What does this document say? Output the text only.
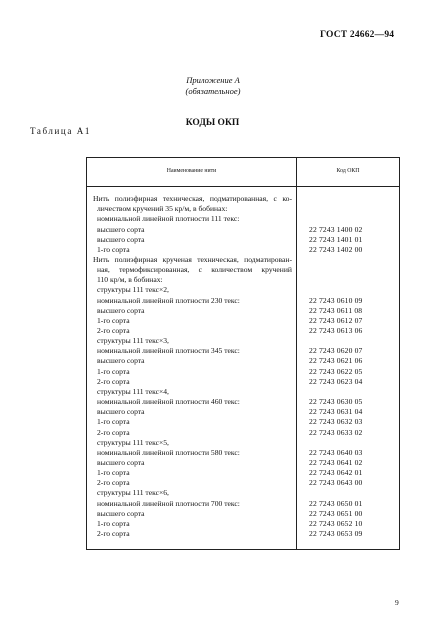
ГОСТ 24662—94
Приложение А
(обязательное)
КОДЫ ОКП
Таблица А1
Наименование нити	Код ОКП
Нить полиэфирная техническая, подматированная, с ко-
личеством кручений 35 кр/м, в бобинах:
номинальной линейной плотности 111 текс:
высшего сорта	22 7243 1400 02
высшего сорта	22 7243 1401 01
1-го сорта	22 7243 1402 00
Нить полиэфирная крученая техническая, подматирован-
ная, термофиксированная, с количеством кручений
110 кр/м, в бобинах:
структуры 111 текс×2,
номинальной линейной плотности 230 текс:	22 7243 0610 09
высшего сорта	22 7243 0611 08
1-го сорта	22 7243 0612 07
2-го сорта	22 7243 0613 06
структуры 111 текс×3,
номинальной линейной плотности 345 текс:	22 7243 0620 07
высшего сорта	22 7243 0621 06
1-го сорта	22 7243 0622 05
2-го сорта	22 7243 0623 04
структуры 111 текс×4,
номинальной линейной плотности 460 текс:	22 7243 0630 05
высшего сорта	22 7243 0631 04
1-го сорта	22 7243 0632 03
2-го сорта	22 7243 0633 02
структуры 111 текс×5,
номинальной линейной плотности 580 текс:	22 7243 0640 03
высшего сорта	22 7243 0641 02
1-го сорта	22 7243 0642 01
2-го сорта	22 7243 0643 00
структуры 111 текс×6,
номинальной линейной плотности 700 текс:	22 7243 0650 01
высшего сорта	22 7243 0651 00
1-го сорта	22 7243 0652 10
2-го сорта	22 7243 0653 09
9
